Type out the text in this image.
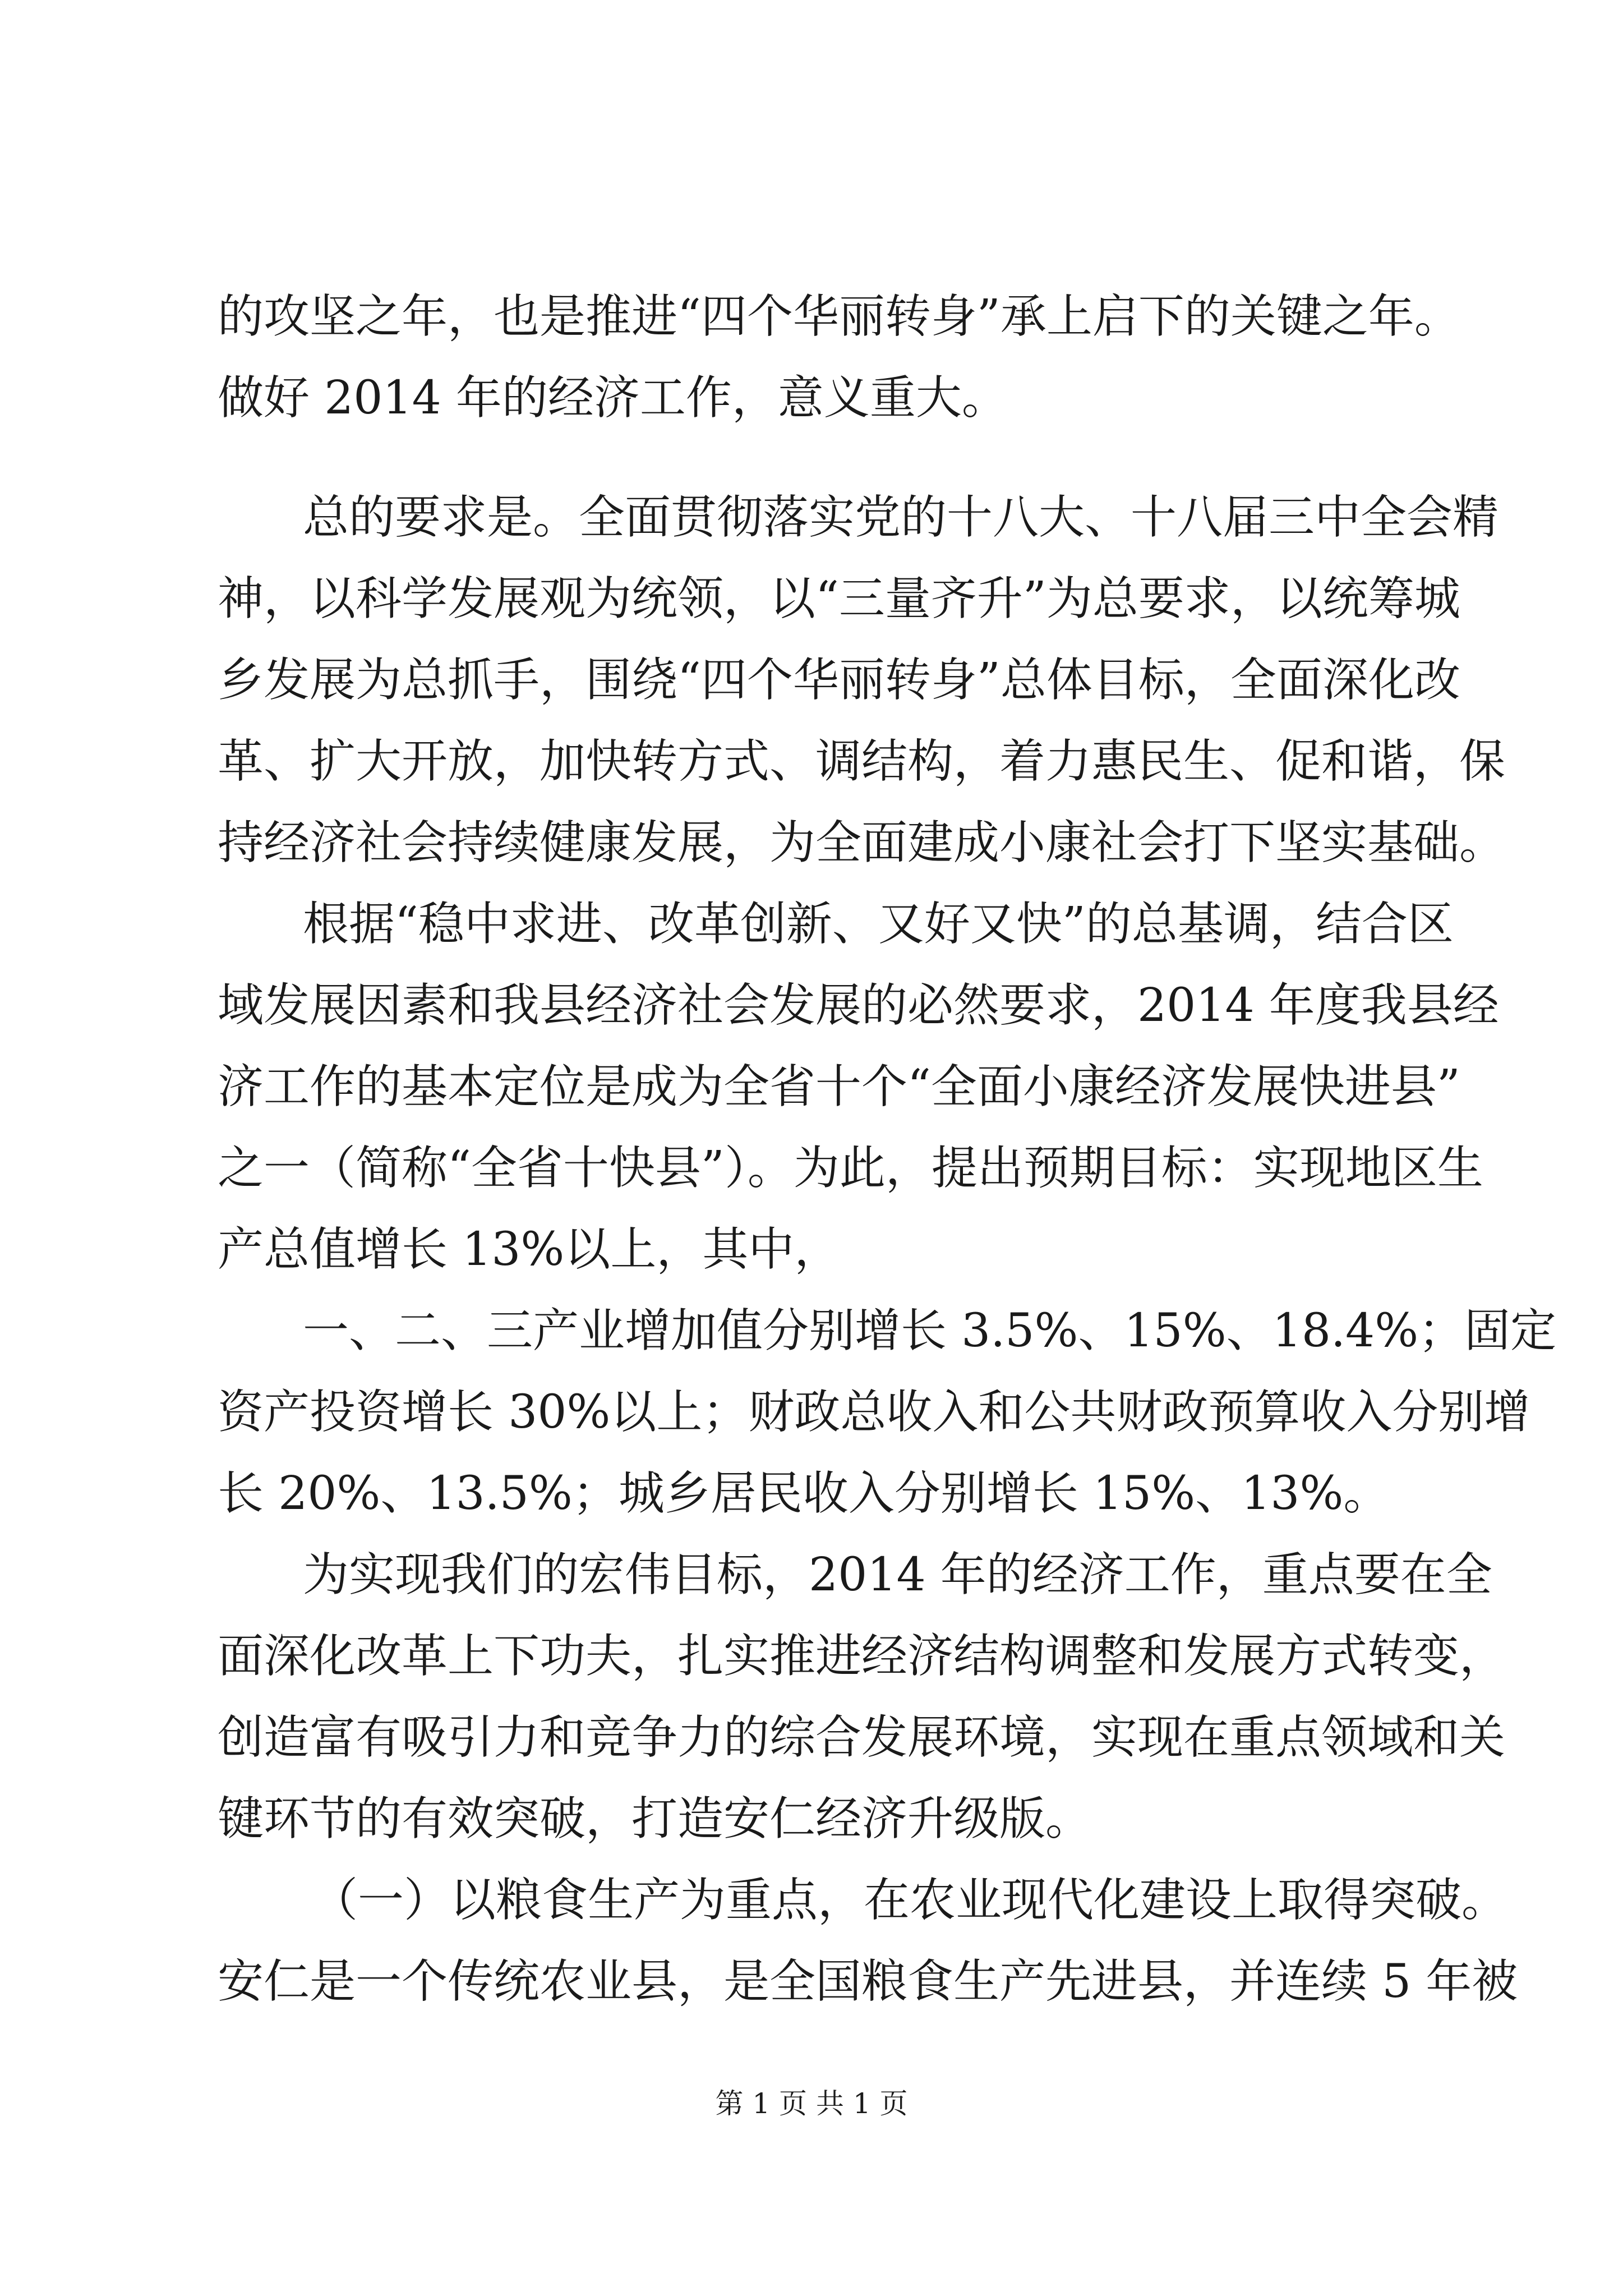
的攻坚之年，也是推进“四个华丽转身”承上启下的关键之年。
做好 2014 年的经济工作，意义重大。
总的要求是。全面贯彻落实党的十八大、十八届三中全会精
神，以科学发展观为统领，以“三量齐升”为总要求，以统筹城
乡发展为总抓手，围绕“四个华丽转身”总体目标，全面深化改
革、扩大开放，加快转方式、调结构，着力惠民生、促和谐，保
持经济社会持续健康发展，为全面建成小康社会打下坚实基础。
根据“稳中求进、改革创新、又好又快”的总基调，结合区
域发展因素和我县经济社会发展的必然要求，2014 年度我县经
济工作的基本定位是成为全省十个“全面小康经济发展快进县”
之一（简称“全省十快县”）。为此，提出预期目标：实现地区生
产总值增长 13%以上，其中，
一、二、三产业增加值分别增长 3.5%、15%、18.4%；固定
资产投资增长 30%以上；财政总收入和公共财政预算收入分别增
长 20%、13.5%；城乡居民收入分别增长 15%、13%。
为实现我们的宏伟目标，2014 年的经济工作，重点要在全
面深化改革上下功夫，扎实推进经济结构调整和发展方式转变，
创造富有吸引力和竞争力的综合发展环境，实现在重点领域和关
键环节的有效突破，打造安仁经济升级版。
（一）以粮食生产为重点，在农业现代化建设上取得突破。
安仁是一个传统农业县，是全国粮食生产先进县，并连续 5 年被
第 1 页 共 1 页
